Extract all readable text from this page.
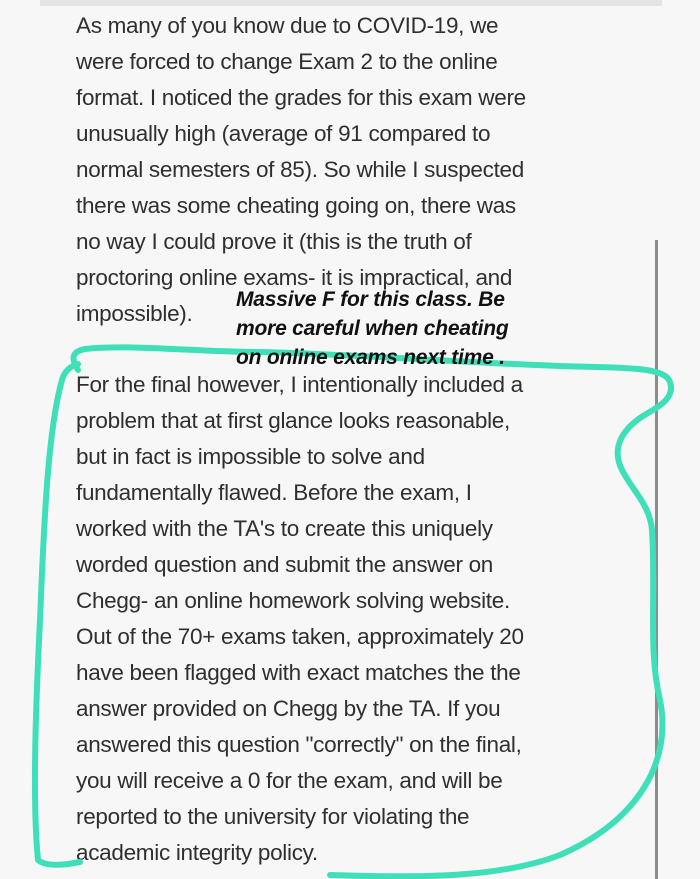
As many of you know due to COVID-19, we
were forced to change Exam 2 to the online
format. I noticed the grades for this exam were
unusually high (average of 91 compared to
normal semesters of 85). So while I suspected
there was some cheating going on, there was
no way I could prove it (this is the truth of
proctoring online exams- it is impractical, and
impossible).
For the final however, I intentionally included a
problem that at first glance looks reasonable,
but in fact is impossible to solve and
fundamentally flawed. Before the exam, I
worked with the TA's to create this uniquely
worded question and submit the answer on
Chegg- an online homework solving website.
Out of the 70+ exams taken, approximately 20
have been flagged with exact matches the the
answer provided on Chegg by the TA. If you
answered this question "correctly" on the final,
you will receive a 0 for the exam, and will be
reported to the university for violating the
academic integrity policy.
Massive F for this class. Be
more careful when cheating
on online exams next time .
